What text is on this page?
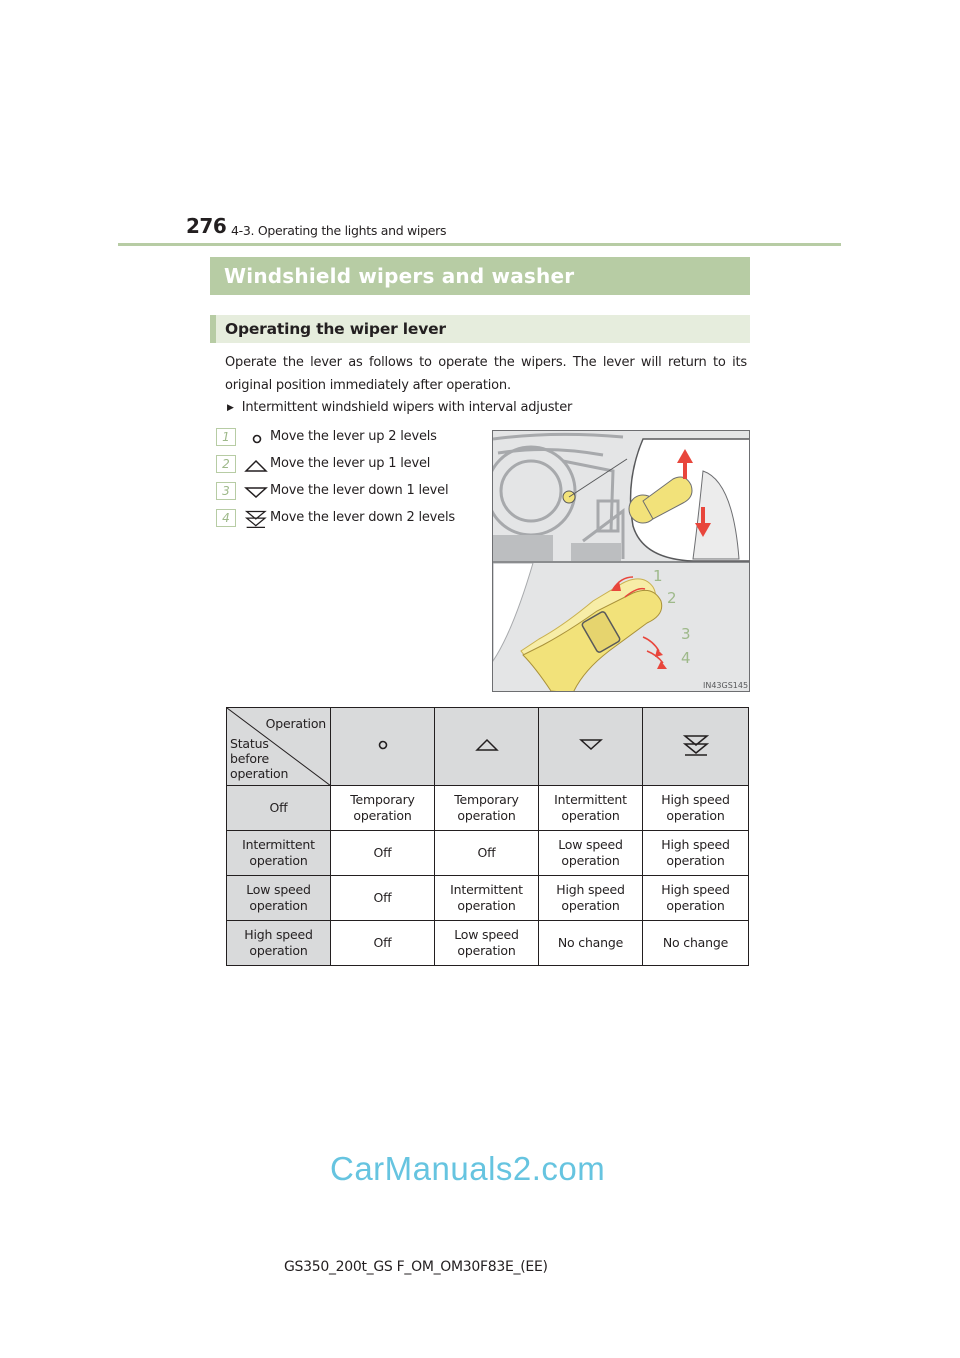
276 4-3. Operating the lights and wipers
Windshield wipers and washer
Operating the wiper lever

Operate the lever as follows to operate the wipers. The lever will return to its original position immediately after operation.

▶ Intermittent windshield wipers with interval adjuster
1	Move the lever up 2 levels
2	Move the lever up 1 level
3	Move the lever down 1 level
4	Move the lever down 2 levels
1
2
3
4
IN43GS145
Operation
Status before operation

Off	Temporary operation	Temporary operation	Intermittent operation	High speed operation
Intermittent operation	Off	Off	Low speed operation	High speed operation
Low speed operation	Off	Intermittent operation	High speed operation	High speed operation
High speed operation	Off	Low speed operation	No change	No change
CarManuals2.com
GS350_200t_GS F_OM_OM30F83E_(EE)
